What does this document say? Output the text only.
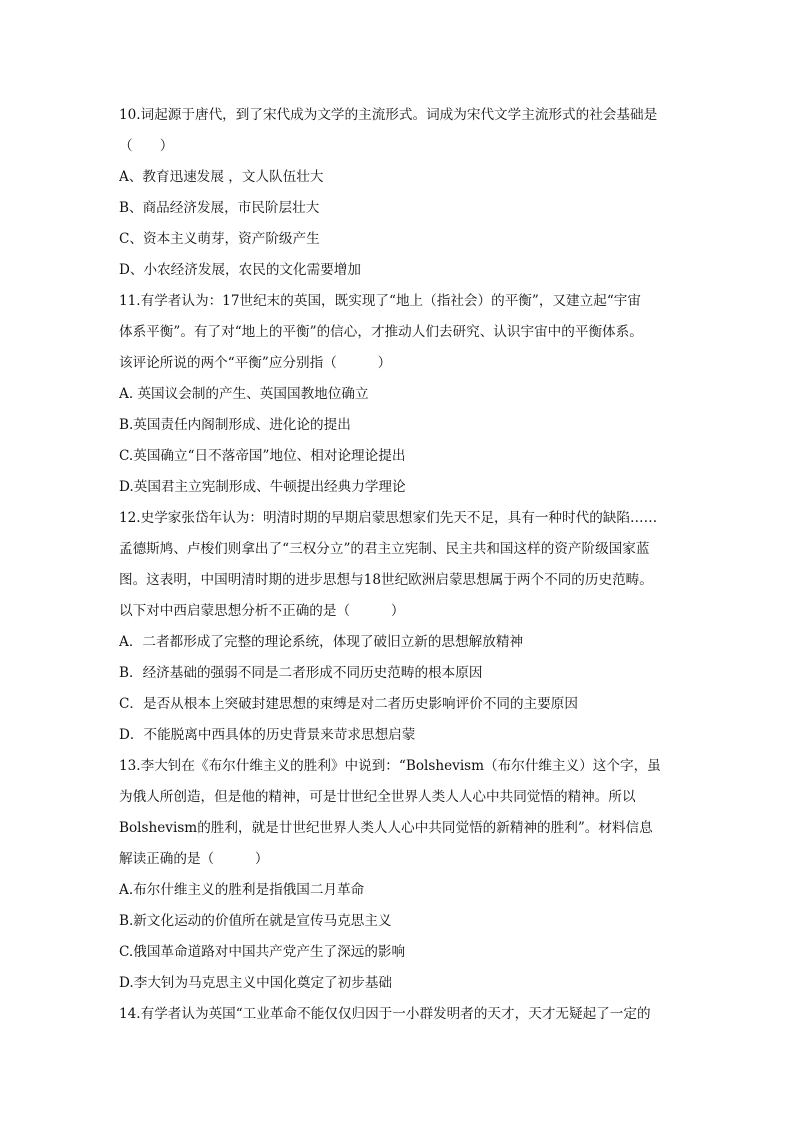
10.词起源于唐代，到了宋代成为文学的主流形式。词成为宋代文学主流形式的社会基础是
（　　）
A、教育迅速发展 ，文人队伍壮大
B、商品经济发展，市民阶层壮大
C、资本主义萌芽，资产阶级产生
D、小农经济发展，农民的文化需要增加
11.有学者认为：17世纪末的英国，既实现了“地上（指社会）的平衡”，又建立起“宇宙
体系平衡”。有了对“地上的平衡”的信心，才推动人们去研究、认识宇宙中的平衡体系。
该评论所说的两个“平衡”应分别指（　　　）
A. 英国议会制的产生、英国国教地位确立
B.英国责任内阁制形成、进化论的提出
C.英国确立“日不落帝国”地位、相对论理论提出
D.英国君主立宪制形成、牛顿提出经典力学理论
12.史学家张岱年认为：明清时期的早期启蒙思想家们先天不足，具有一种时代的缺陷……
孟德斯鸠、卢梭们则拿出了“三权分立”的君主立宪制、民主共和国这样的资产阶级国家蓝
图。这表明，中国明清时期的进步思想与18世纪欧洲启蒙思想属于两个不同的历史范畴。
以下对中西启蒙思想分析不正确的是（　　　）
A．二者都形成了完整的理论系统，体现了破旧立新的思想解放精神
B．经济基础的强弱不同是二者形成不同历史范畴的根本原因
C．是否从根本上突破封建思想的束缚是对二者历史影响评价不同的主要原因
D．不能脱离中西具体的历史背景来苛求思想启蒙
13.李大钊在《布尔什维主义的胜利》中说到：“Bolshevism（布尔什维主义）这个字，虽
为俄人所创造，但是他的精神，可是廿世纪全世界人类人人心中共同觉悟的精神。所以
Bolshevism的胜利，就是廿世纪世界人类人人心中共同觉悟的新精神的胜利”。材料信息
解读正确的是（　　　）
A.布尔什维主义的胜利是指俄国二月革命
B.新文化运动的价值所在就是宣传马克思主义
C.俄国革命道路对中国共产党产生了深远的影响
D.李大钊为马克思主义中国化奠定了初步基础
14.有学者认为英国“工业革命不能仅仅归因于一小群发明者的天才，天才无疑起了一定的
